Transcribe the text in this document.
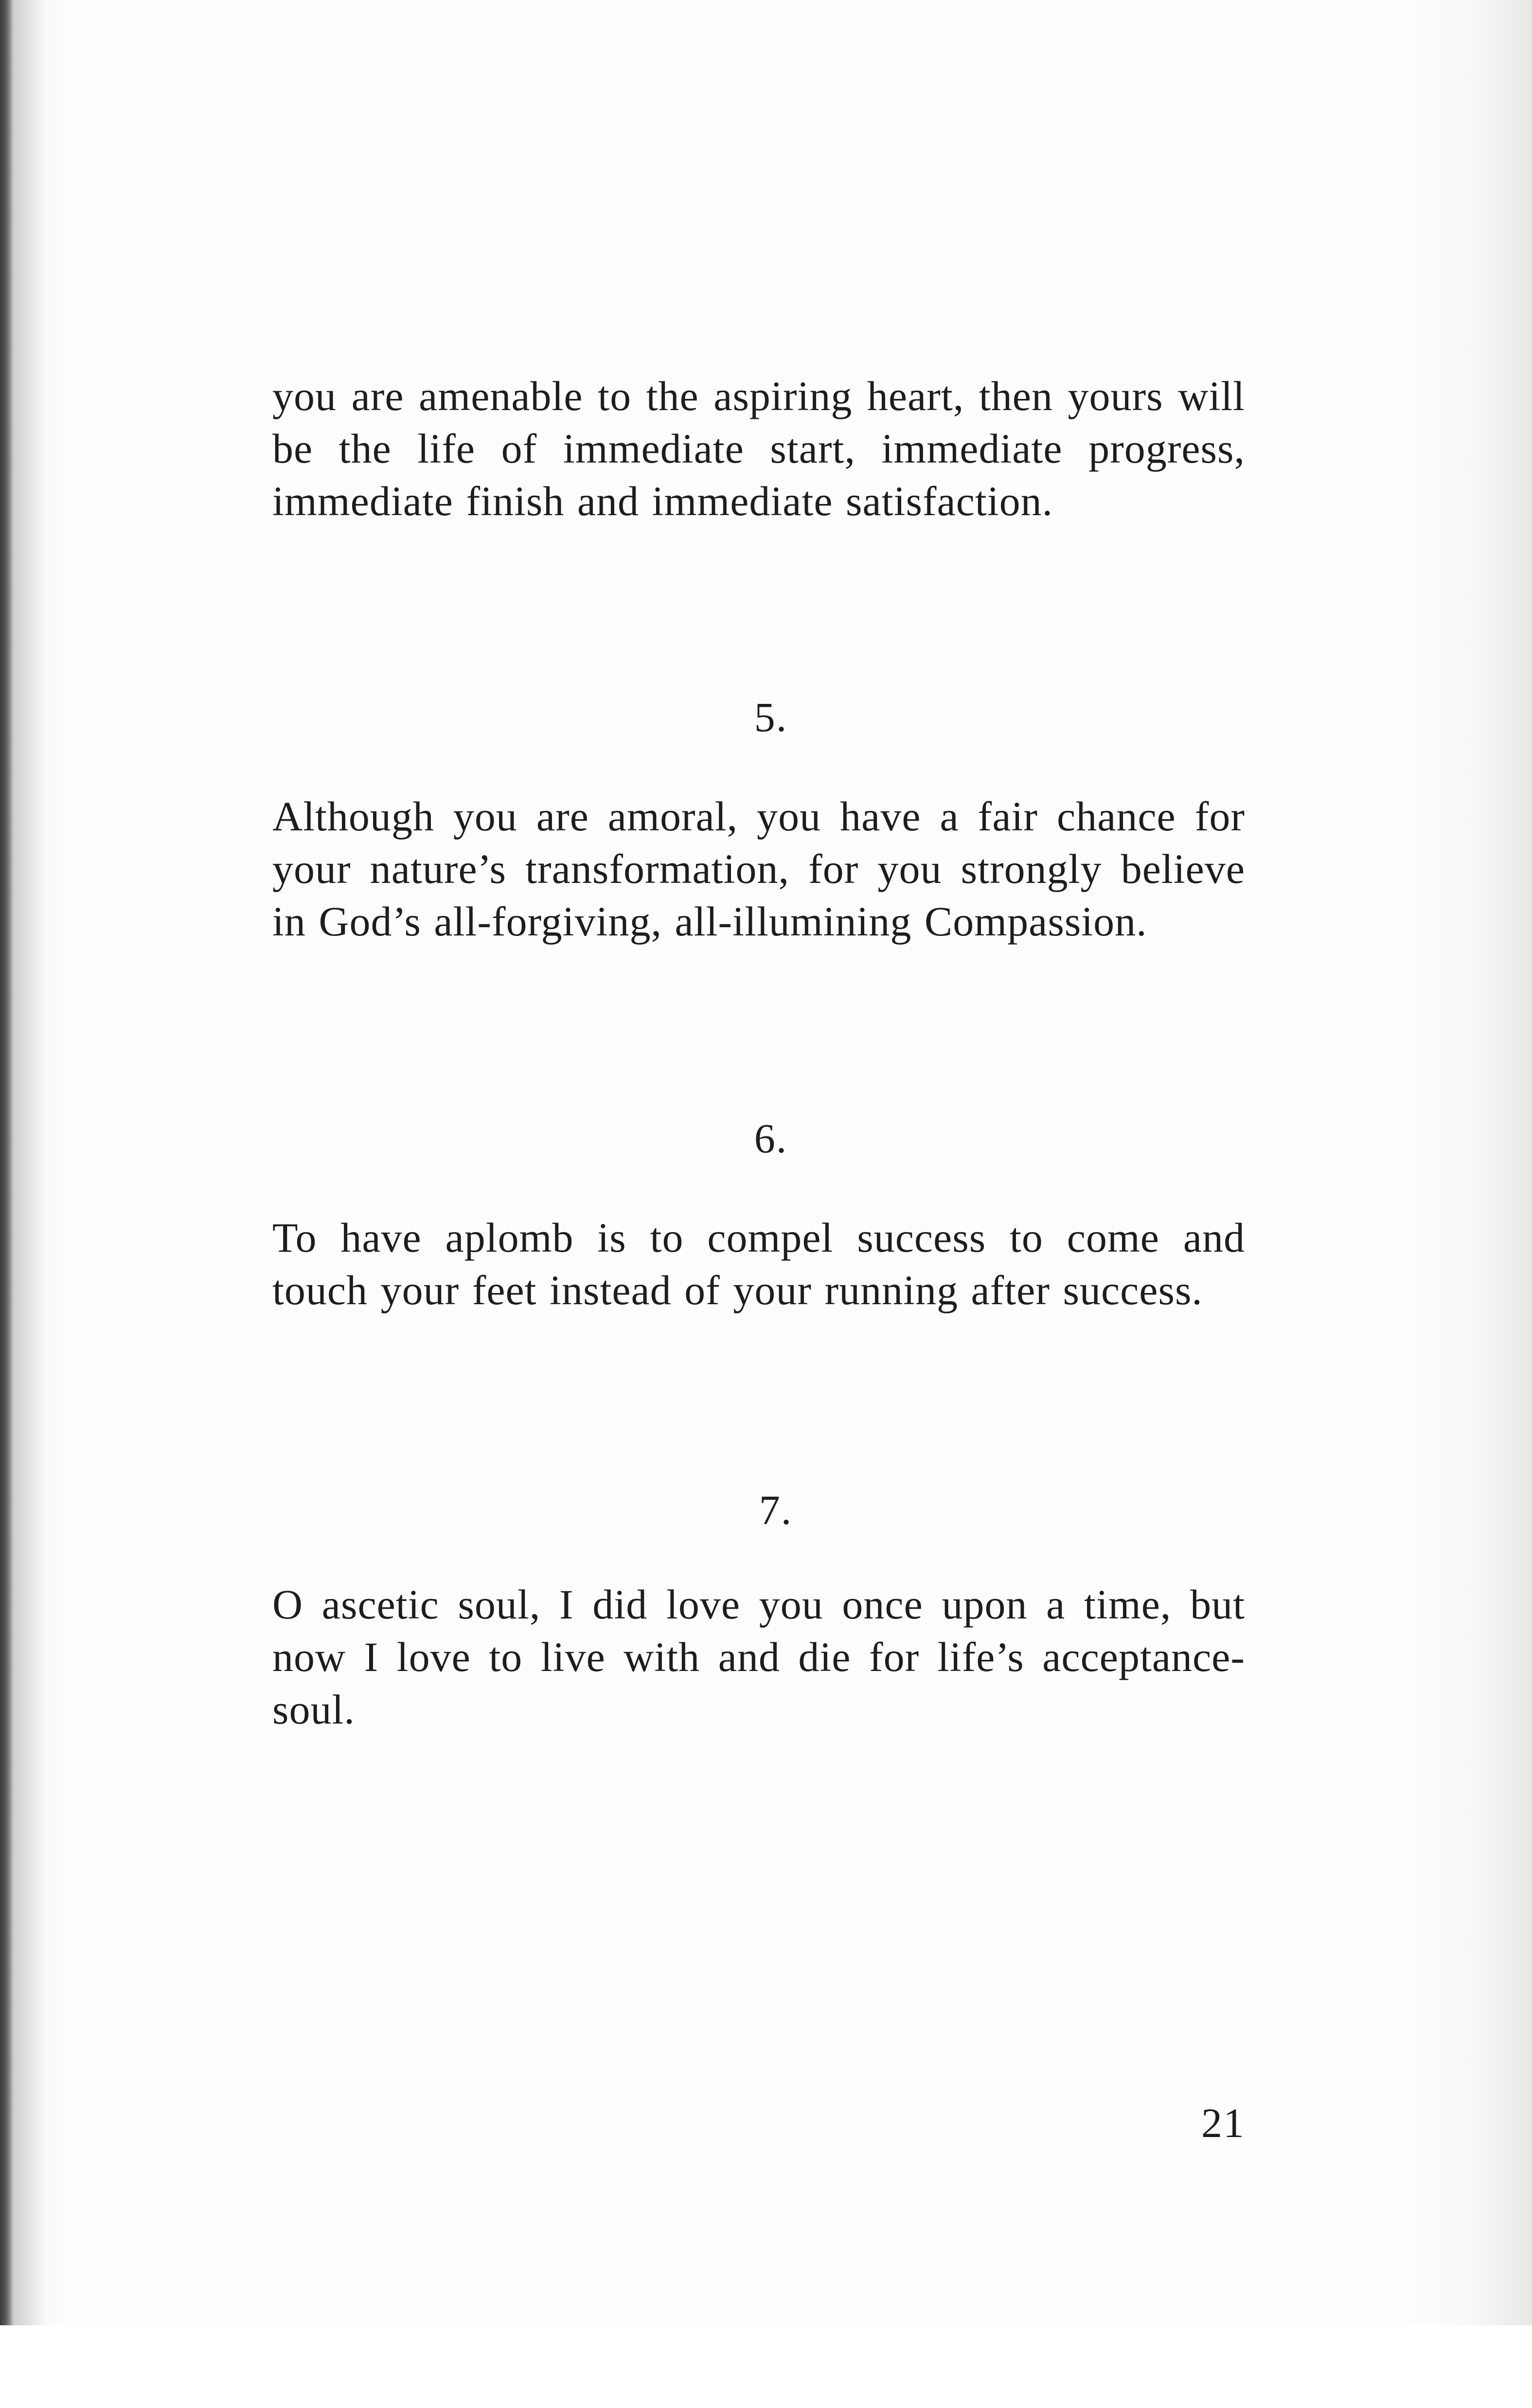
you are amenable to the aspiring heart, then yours will be the life of immediate start, immediate progress, immediate finish and immediate satisfaction.

5.

Although you are amoral, you have a fair chance for your nature’s transformation, for you strongly believe in God’s all-forgiving, all-illumining Compassion.

6.

To have aplomb is to compel success to come and touch your feet instead of your running after success.

7.

O ascetic soul, I did love you once upon a time, but now I love to live with and die for life’s acceptance-soul.

21
